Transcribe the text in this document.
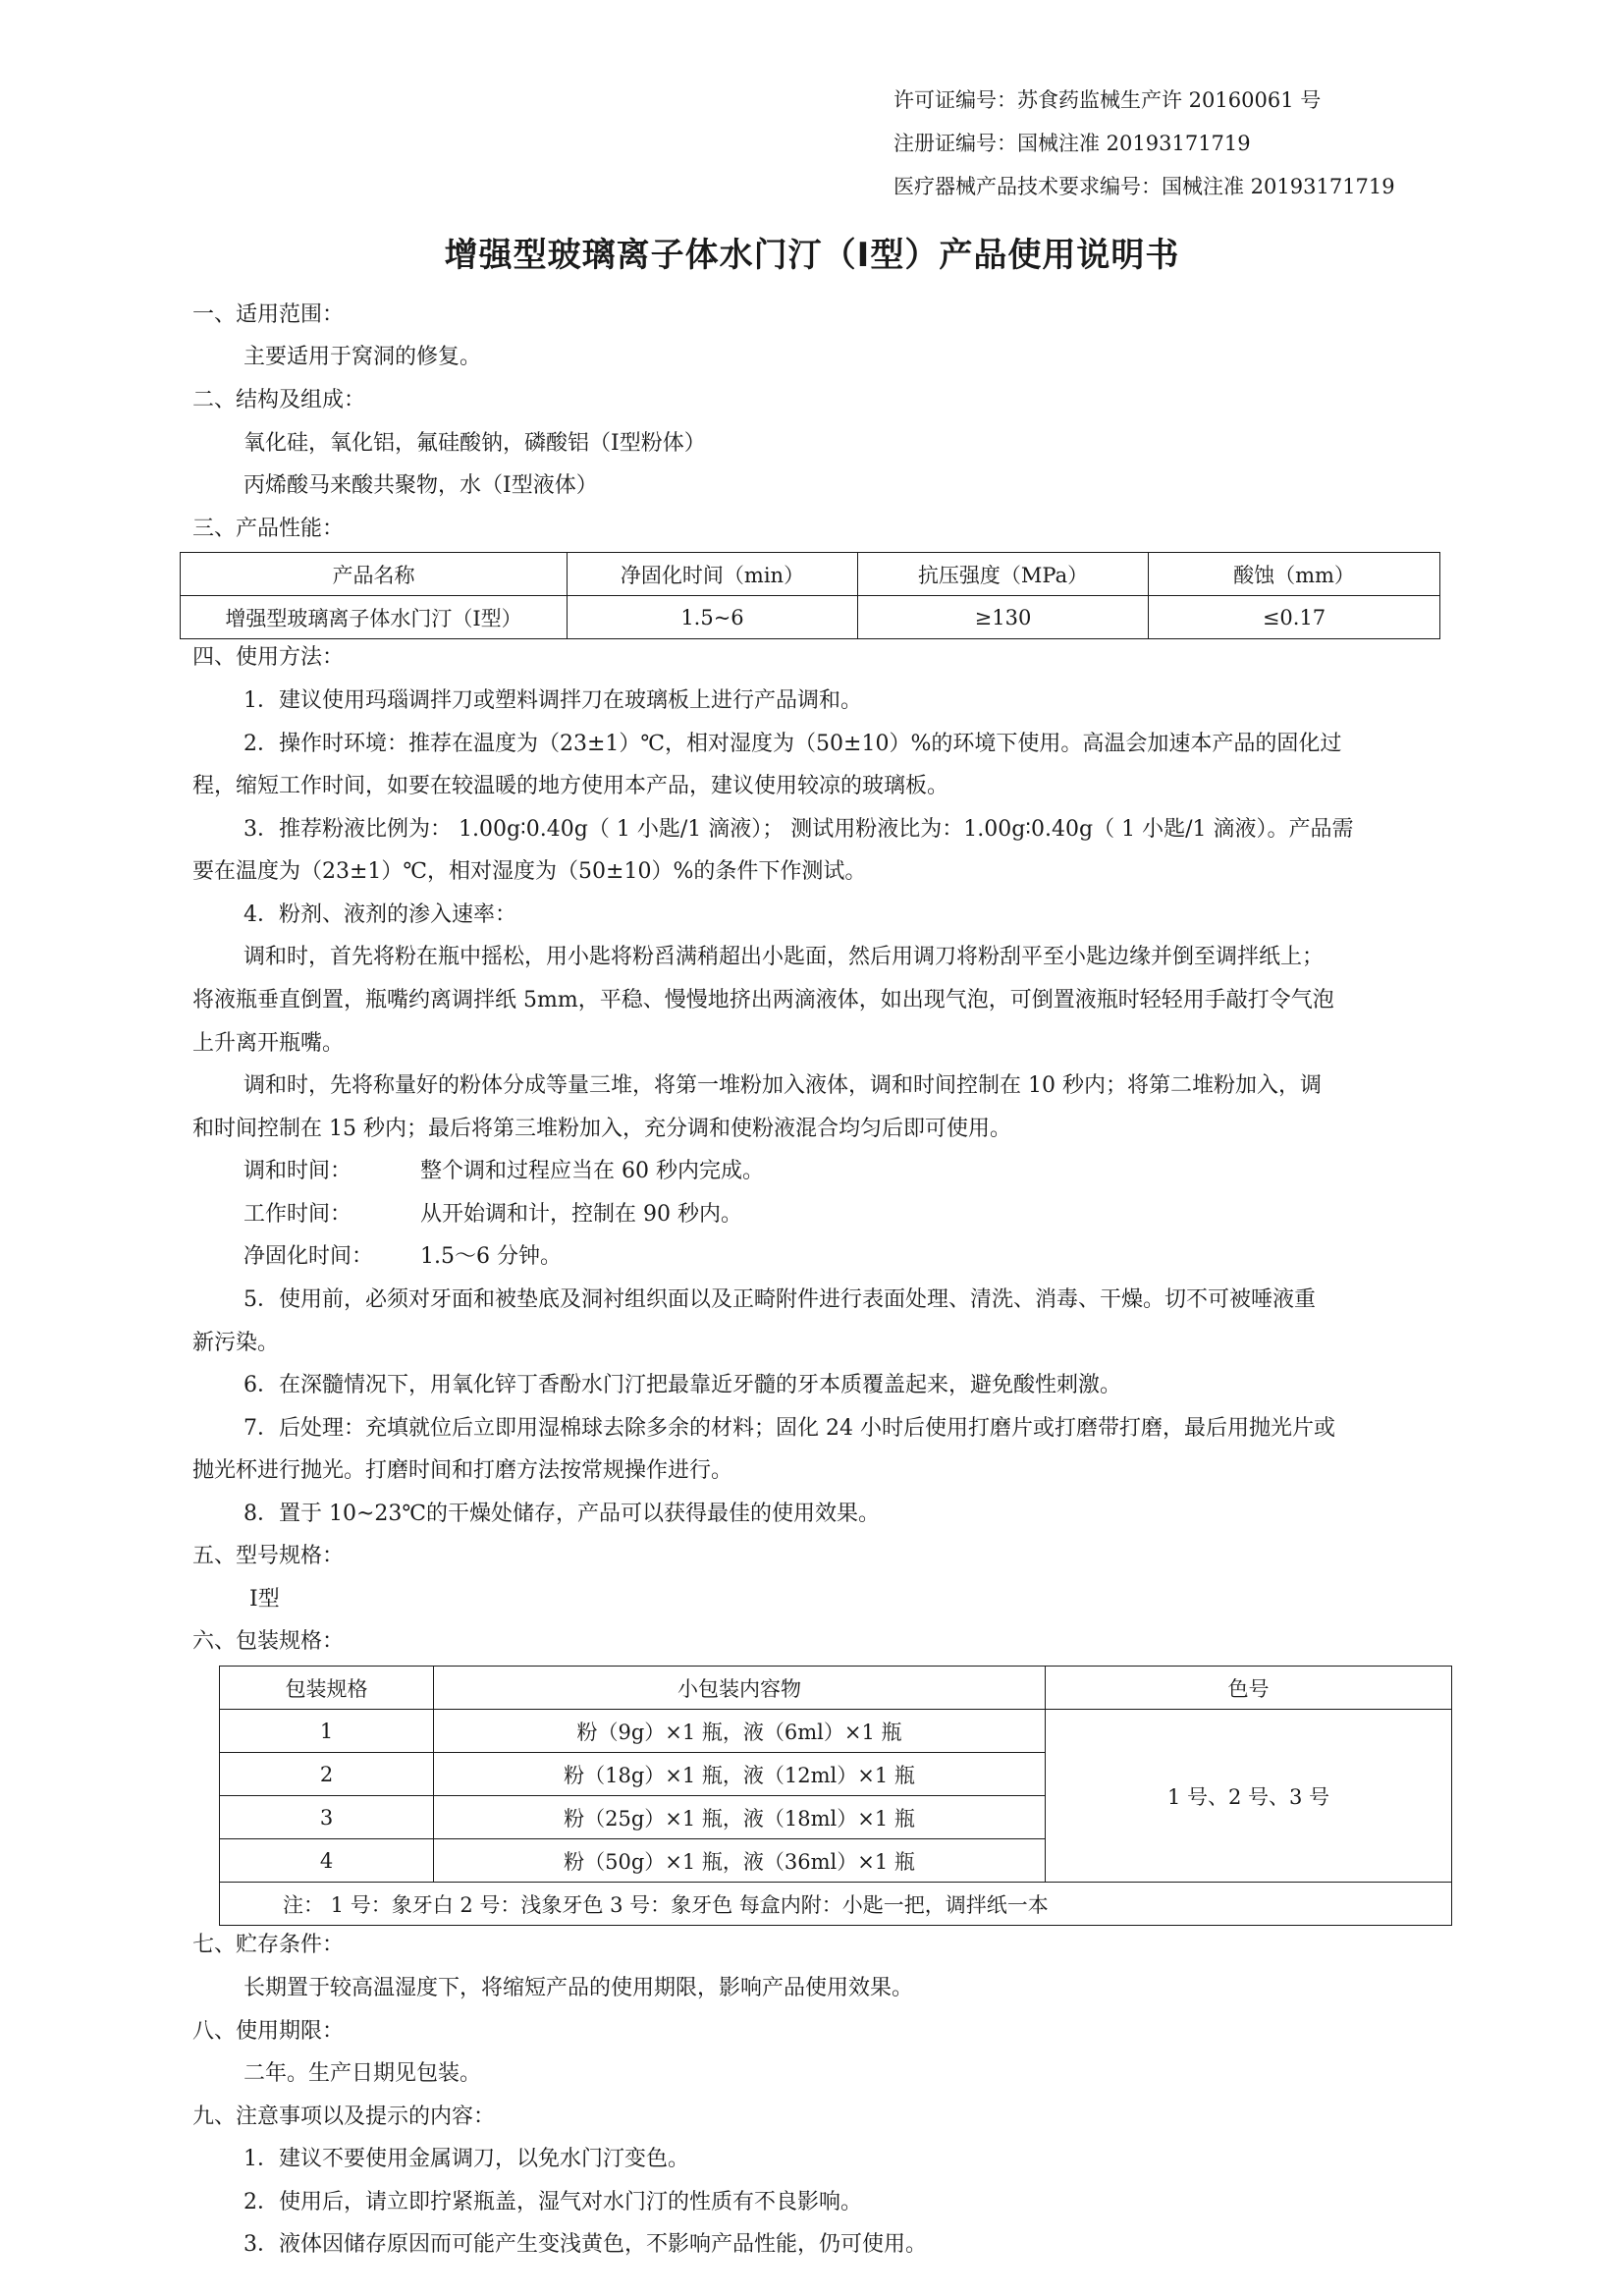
许可证编号：苏食药监械生产许 20160061 号
注册证编号：国械注准 20193171719
医疗器械产品技术要求编号：国械注准 20193171719
增强型玻璃离子体水门汀（Ⅰ型）产品使用说明书
一、适用范围：
主要适用于窝洞的修复。
二、结构及组成：
氧化硅，氧化铝，氟硅酸钠，磷酸铝（Ⅰ型粉体）
丙烯酸马来酸共聚物，水（Ⅰ型液体）
三、产品性能：
产品名称	净固化时间（min）	抗压强度（MPa）	酸蚀（mm）
增强型玻璃离子体水门汀（Ⅰ型）	1.5~6	≥130	≤0.17
四、使用方法：
1．建议使用玛瑙调拌刀或塑料调拌刀在玻璃板上进行产品调和。
2．操作时环境：推荐在温度为（23±1）℃，相对湿度为（50±10）%的环境下使用。高温会加速本产品的固化过
程，缩短工作时间，如要在较温暖的地方使用本产品，建议使用较凉的玻璃板。
3．推荐粉液比例为： 1.00g∶0.40g（ 1 小匙/1 滴液）； 测试用粉液比为：1.00g∶0.40g（ 1 小匙/1 滴液）。产品需
要在温度为（23±1）℃，相对湿度为（50±10）%的条件下作测试。
4．粉剂、液剂的渗入速率：
调和时，首先将粉在瓶中摇松，用小匙将粉舀满稍超出小匙面，然后用调刀将粉刮平至小匙边缘并倒至调拌纸上；
将液瓶垂直倒置，瓶嘴约离调拌纸 5mm，平稳、慢慢地挤出两滴液体，如出现气泡，可倒置液瓶时轻轻用手敲打令气泡
上升离开瓶嘴。
调和时，先将称量好的粉体分成等量三堆，将第一堆粉加入液体，调和时间控制在 10 秒内；将第二堆粉加入，调
和时间控制在 15 秒内；最后将第三堆粉加入，充分调和使粉液混合均匀后即可使用。
调和时间：	整个调和过程应当在 60 秒内完成。
工作时间：	从开始调和计，控制在 90 秒内。
净固化时间： 1.5～6 分钟。
5．使用前，必须对牙面和被垫底及洞衬组织面以及正畸附件进行表面处理、清洗、消毒、干燥。切不可被唾液重
新污染。
6．在深髓情况下，用氧化锌丁香酚水门汀把最靠近牙髓的牙本质覆盖起来，避免酸性刺激。
7．后处理：充填就位后立即用湿棉球去除多余的材料；固化 24 小时后使用打磨片或打磨带打磨，最后用抛光片或
抛光杯进行抛光。打磨时间和打磨方法按常规操作进行。
8．置于 10~23℃的干燥处储存，产品可以获得最佳的使用效果。
五、型号规格：
Ⅰ型
六、包装规格：
包装规格	小包装内容物	色号
1	粉（9g）×1 瓶，液（6ml）×1 瓶	1 号、2 号、3 号
2	粉（18g）×1 瓶，液（12ml）×1 瓶	
3	粉（25g）×1 瓶，液（18ml）×1 瓶	
4	粉（50g）×1 瓶，液（36ml）×1 瓶	
注： 1 号：象牙白 2 号：浅象牙色 3 号：象牙色 每盒内附：小匙一把，调拌纸一本		
七、贮存条件：
长期置于较高温湿度下，将缩短产品的使用期限，影响产品使用效果。
八、使用期限：
二年。生产日期见包装。
九、注意事项以及提示的内容：
1．建议不要使用金属调刀，以免水门汀变色。
2．使用后，请立即拧紧瓶盖，湿气对水门汀的性质有不良影响。
3．液体因储存原因而可能产生变浅黄色，不影响产品性能，仍可使用。
